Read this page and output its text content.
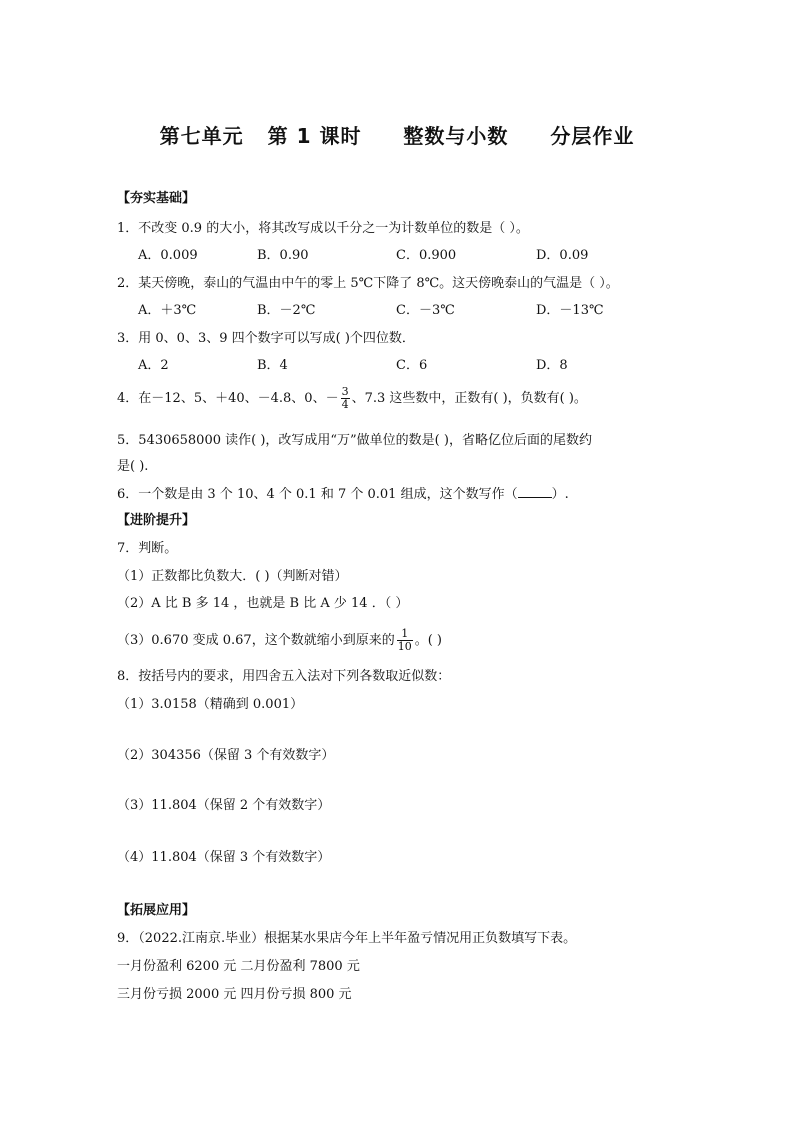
第七单元 第 1 课时 整数与小数 分层作业
【夯实基础】
1．不改变 0.9 的大小，将其改写成以千分之一为计数单位的数是（ ）。
A．0.009	B．0.90	C．0.900	D．0.09
2．某天傍晚，泰山的气温由中午的零上 5℃下降了 8℃。这天傍晚泰山的气温是（ ）。
A．＋3℃	B．－2℃	C．－3℃	D．－13℃
3．用 0、0、3、9 四个数字可以写成( )个四位数．
A．2	B．4	C．6	D．8
4．在－12、5、＋40、－4.8、0、－ $\frac{3}{4}$ 、7.3 这些数中，正数有( )，负数有( )。
5．5430658000 读作( )，改写成用“万”做单位的数是( )，省略亿位后面的尾数约
是( ).
6．一个数是由 3 个 10、4 个 0.1 和 7 个 0.01 组成，这个数写作（	）.
【进阶提升】
7．判断。
（1）正数都比负数大．( )（判断对错）
（2）A 比 B 多 14 ，也就是 B 比 A 少 14 ．（ ）
（3）0.670 变成 0.67，这个数就缩小到原来的 $\frac{1}{10}$ 。( )
8．按括号内的要求，用四舍五入法对下列各数取近似数：
（1）3.0158（精确到 0.001）
（2）304356（保留 3 个有效数字）
（3）11.804（保留 2 个有效数字）
（4）11.804（保留 3 个有效数字）
【拓展应用】
9．（2022.江南京.毕业）根据某水果店今年上半年盈亏情况用正负数填写下表。
一月份盈利 6200 元 二月份盈利 7800 元
三月份亏损 2000 元 四月份亏损 800 元
